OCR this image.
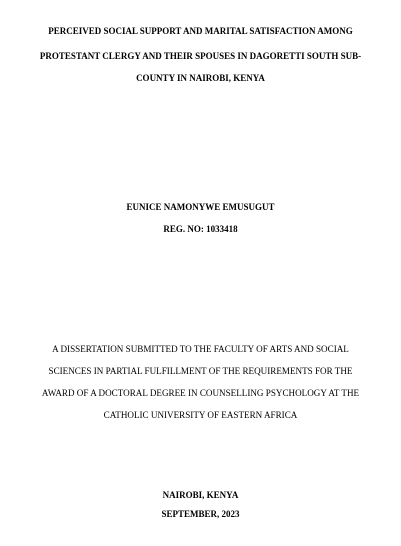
PERCEIVED SOCIAL SUPPORT AND MARITAL SATISFACTION AMONG
PROTESTANT CLERGY AND THEIR SPOUSES IN DAGORETTI SOUTH SUB-
COUNTY IN NAIROBI, KENYA
EUNICE NAMONYWE EMUSUGUT
REG. NO: 1033418
A DISSERTATION SUBMITTED TO THE FACULTY OF ARTS AND SOCIAL
SCIENCES IN PARTIAL FULFILLMENT OF THE REQUIREMENTS FOR THE
AWARD OF A DOCTORAL DEGREE IN COUNSELLING PSYCHOLOGY AT THE
CATHOLIC UNIVERSITY OF EASTERN AFRICA
NAIROBI, KENYA
SEPTEMBER, 2023
